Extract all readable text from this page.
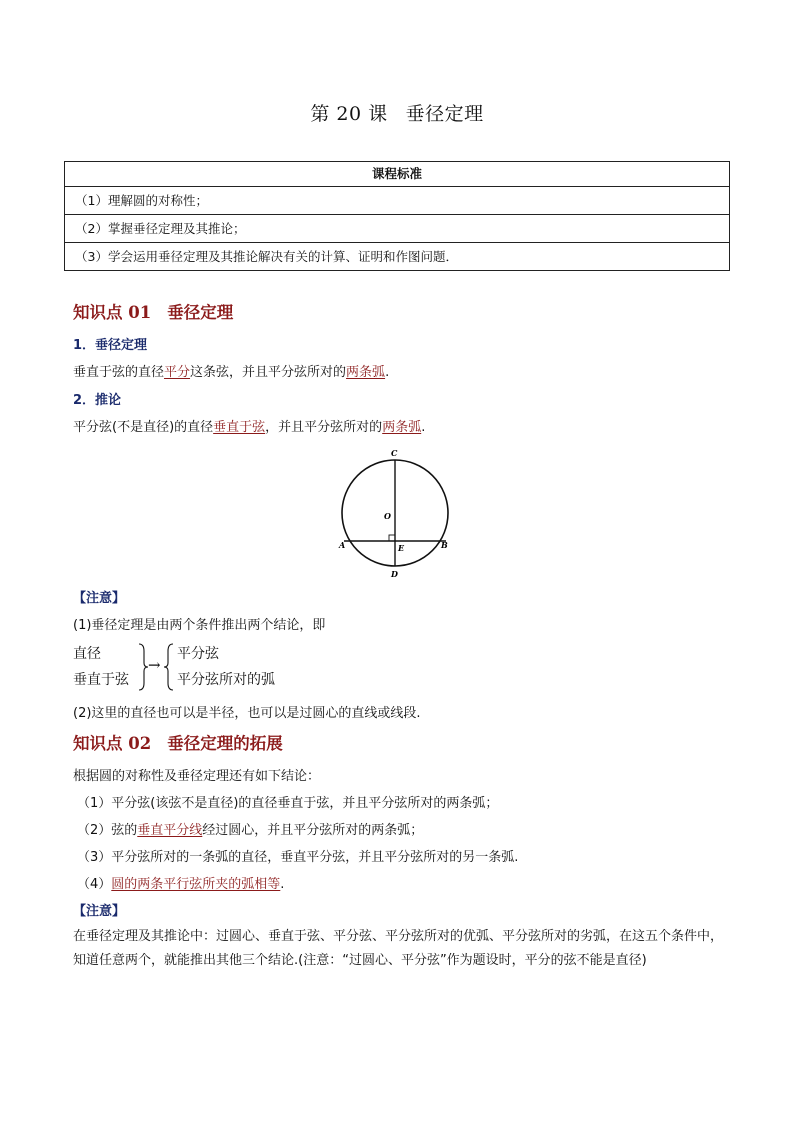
第 20 课 垂径定理
课程标准
（1）理解圆的对称性；
（2）掌握垂径定理及其推论；
（3）学会运用垂径定理及其推论解决有关的计算、证明和作图问题．
知识点 01 垂径定理
1．垂径定理
垂直于弦的直径平分这条弦，并且平分弦所对的两条弧.
2．推论
平分弦(不是直径)的直径垂直于弦，并且平分弦所对的两条弧.
C
O
A	E	B
D
【注意】
(1)垂径定理是由两个条件推出两个结论，即
直径
垂直于弦
→
平分弦
平分弦所对的弧
(2)这里的直径也可以是半径，也可以是过圆心的直线或线段.
知识点 02 垂径定理的拓展
根据圆的对称性及垂径定理还有如下结论：
（1）平分弦(该弦不是直径)的直径垂直于弦，并且平分弦所对的两条弧；
（2）弦的垂直平分线经过圆心，并且平分弦所对的两条弧；
（3）平分弦所对的一条弧的直径，垂直平分弦，并且平分弦所对的另一条弧.
（4）圆的两条平行弦所夹的弧相等.
【注意】
在垂径定理及其推论中：过圆心、垂直于弦、平分弦、平分弦所对的优弧、平分弦所对的劣弧，在这五个条件中，知道任意两个，就能推出其他三个结论.(注意：“过圆心、平分弦”作为题设时，平分的弦不能是直径)
